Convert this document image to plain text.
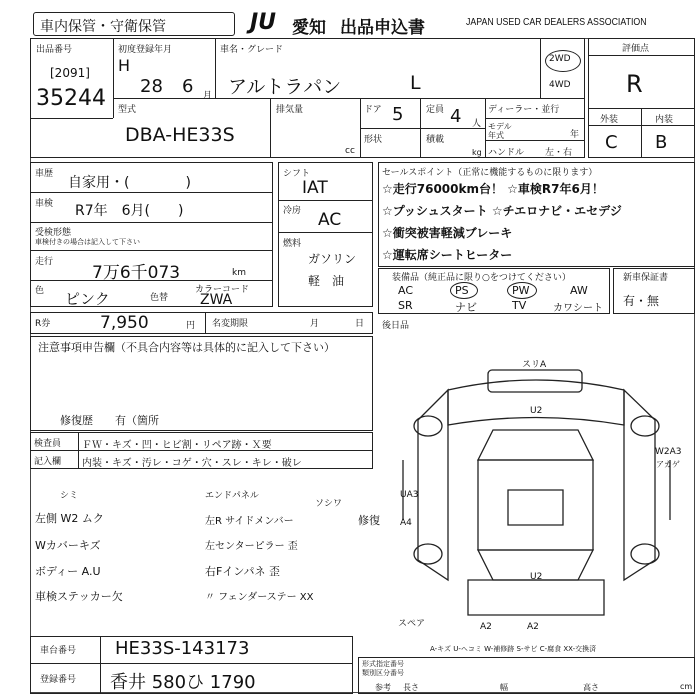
車内保管・守衛保管	JU 愛知 出品申込書	JAPAN USED CAR DEALERS ASSOCIATION
出品番号
[2091]
35244
初度登録年月
H
28 6 月
車名・グレード
アルトラパン	L
2WD
4WD
型式
DBA-HE33S
排気量
cc
ドア 5
形状
定員 4 人
積載
kg
ディーラー・並行
モデル
年式	年
ハンドル 左・右
評価点
R
外装	内装
C B
車歴
自家用・(　　　　)
車検 R7年　6月(　　)
受検形態
車検付きの場合は記入して下さい
走行
7万6千073	km
色 ピンク	色替
カラーコード
ZWA
シフト
IAT
冷房 AC
燃料
ガソリン
軽　油
セールスポイント（正常に機能するものに限ります）
☆走行76000km台！ ☆車検R7年6月！
☆プッシュスタート ☆チエロナビ・エセデジ
☆衝突被害軽減ブレーキ
☆運転席シートヒーター
装備品（純正品に限り○をつけてください）
AC	PS	PW	AW
SR	ナビ	TV	カワシート
新車保証書
有・無
R券	7,950	円 名変期限	月	日 後日品
注意事項申告欄（不具合内容等は具体的に記入して下さい）
修復歴 有（箇所
検査員
記入欄
ＦＷ・キズ・凹・ヒビ割・リペア跡・Ｘ要
内装・キズ・汚レ・コゲ・穴・スレ・キレ・破レ
シミ	エンドパネル
ソシワ
左側 W2 ムク	左R サイドメンバー	修復
Wカバーキズ	左センターピラー 歪
ボディー A.U	右Fインパネ 歪
車検ステッカー欠	〃 フェンダーステー XX
スリA
U2
UA3
A4
W2A3
アカゲ
U2
スペア	A2	A2
A-キズ U-ヘコミ W-補修跡 S-サビ C-腐食 XX-交換済
車台番号 HE33S-143173
登録番号 香井 580ひ 1790
形式指定番号
類別区分番号
参考 長さ	幅	高さ	cm
